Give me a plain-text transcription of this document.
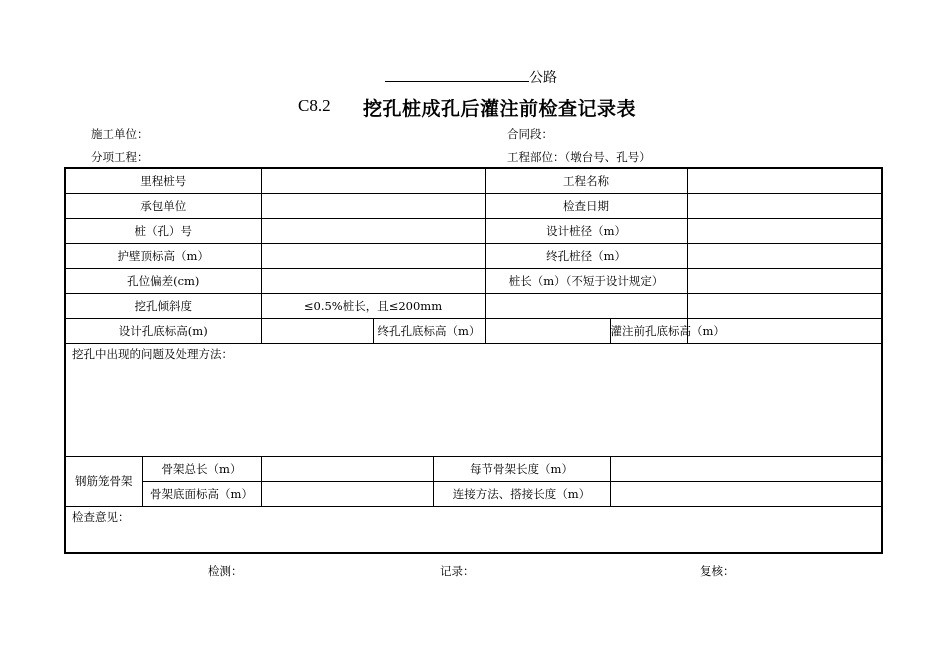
公路
C8.2 挖孔桩成孔后灌注前检查记录表
施工单位：	合同段：
分项工程：	工程部位：（墩台号、孔号）
里程桩号					工程名称		
承包单位					检查日期		
桩（孔）号					设计桩径（m）		
护壁顶标高（m）					终孔桩径（m）		
孔位偏差(cm)					桩长（m）（不短于设计规定）		
挖孔倾斜度		≤0.5%桩长，且≤200mm					
设计孔底标高(m)			终孔孔底标高（m）			灌注前孔底标高（m）	
挖孔中出现的问题及处理方法：							
钢筋笼骨架	骨架总长（m）			每节骨架长度（m）			
	骨架底面标高（m）			连接方法、搭接长度（m）			
检查意见：							
检测：	记录：	复核：
